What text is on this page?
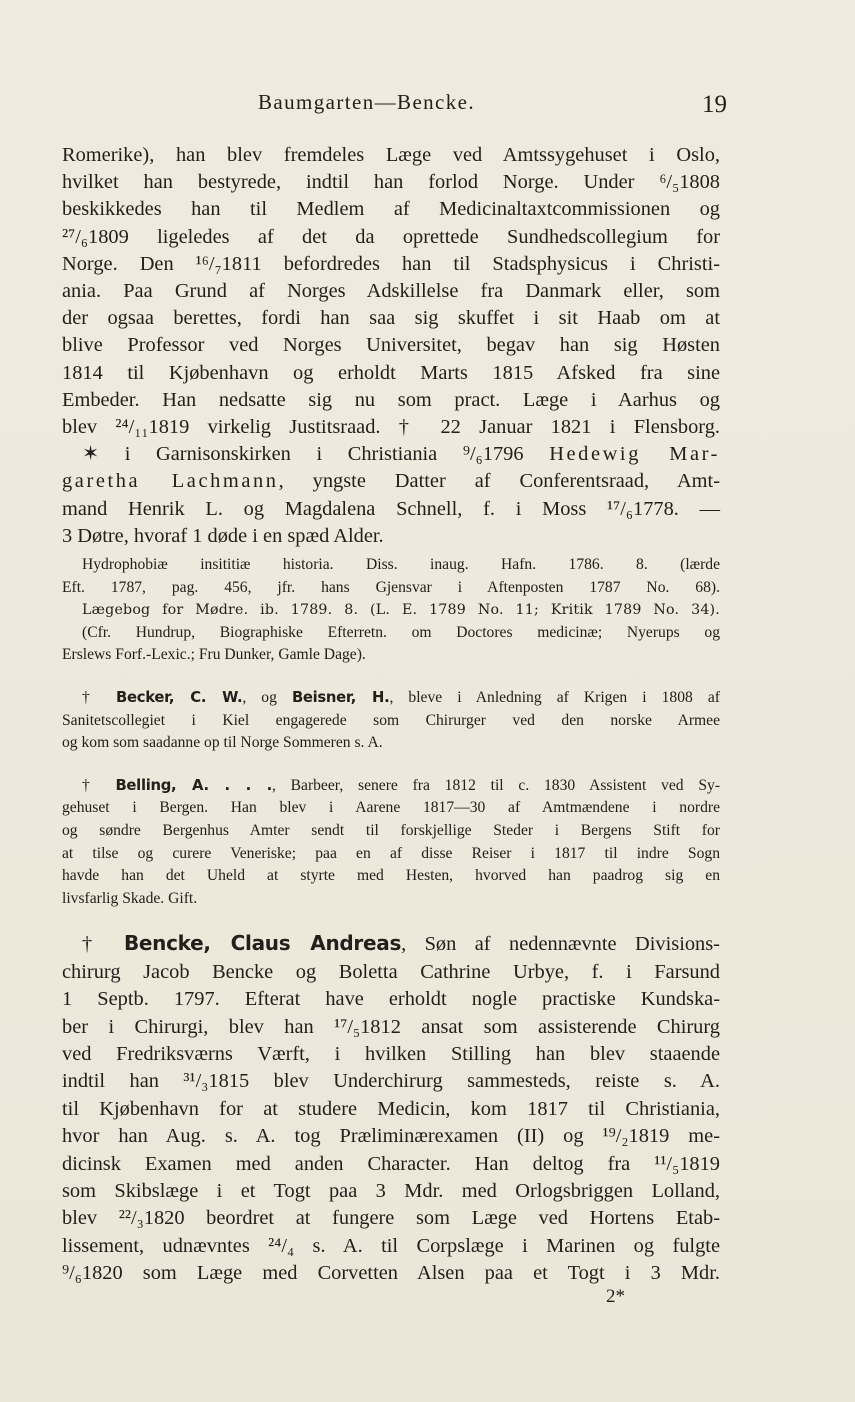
Baumgarten—Bencke.	19

Romerike), han blev fremdeles Læge ved Amtssygehuset i Oslo,
hvilket han bestyrede, indtil han forlod Norge. Under ⁶/₅1808
beskikkedes han til Medlem af Medicinaltaxtcommissionen og
²⁷/₆1809 ligeledes af det da oprettede Sundhedscollegium for
Norge. Den ¹⁶/₇1811 befordredes han til Stadsphysicus i Christi-
ania. Paa Grund af Norges Adskillelse fra Danmark eller, som
der ogsaa berettes, fordi han saa sig skuffet i sit Haab om at
blive Professor ved Norges Universitet, begav han sig Høsten
1814 til Kjøbenhavn og erholdt Marts 1815 Afsked fra sine
Embeder. Han nedsatte sig nu som pract. Læge i Aarhus og
blev ²⁴/₁₁1819 virkelig Justitsraad. † 22 Januar 1821 i Flensborg.

✶ i Garnisonskirken i Christiania ⁹/₆1796 Hedewig Mar-
garetha Lachmann, yngste Datter af Conferentsraad, Amt-
mand Henrik L. og Magdalena Schnell, f. i Moss ¹⁷/₆1778. —
3 Døtre, hvoraf 1 døde i en spæd Alder.

Hydrophobiæ insititiæ historia. Diss. inaug. Hafn. 1786. 8. (lærde
Eft. 1787, pag. 456, jfr. hans Gjensvar i Aftenposten 1787 No. 68).
Lægebog for Mødre. ib. 1789. 8. (L. E. 1789 No. 11; Kritik 1789 No. 34).
(Cfr. Hundrup, Biographiske Efterretn. om Doctores medicinæ; Nyerups og
Erslews Forf.-Lexic.; Fru Dunker, Gamle Dage).

† Becker, C. W., og Beisner, H., bleve i Anledning af Krigen i 1808 af
Sanitetscollegiet i Kiel engagerede som Chirurger ved den norske Armee
og kom som saadanne op til Norge Sommeren s. A.

† Belling, A. . . ., Barbeer, senere fra 1812 til c. 1830 Assistent ved Sy-
gehuset i Bergen. Han blev i Aarene 1817—30 af Amtmændene i nordre
og søndre Bergenhus Amter sendt til forskjellige Steder i Bergens Stift for
at tilse og curere Veneriske; paa en af disse Reiser i 1817 til indre Sogn
havde han det Uheld at styrte med Hesten, hvorved han paadrog sig en
livsfarlig Skade. Gift.

† Bencke, Claus Andreas, Søn af nedennævnte Divisions-
chirurg Jacob Bencke og Boletta Cathrine Urbye, f. i Farsund
1 Septb. 1797. Efterat have erholdt nogle practiske Kundska-
ber i Chirurgi, blev han ¹⁷/₅1812 ansat som assisterende Chirurg
ved Fredriksværns Værft, i hvilken Stilling han blev staaende
indtil han ³¹/₃1815 blev Underchirurg sammesteds, reiste s. A.
til Kjøbenhavn for at studere Medicin, kom 1817 til Christiania,
hvor han Aug. s. A. tog Præliminærexamen (II) og ¹⁹/₂1819 me-
dicinsk Examen med anden Character. Han deltog fra ¹¹/₅1819
som Skibslæge i et Togt paa 3 Mdr. med Orlogsbriggen Lolland,
blev ²²/₃1820 beordret at fungere som Læge ved Hortens Etab-
lissement, udnævntes ²⁴/₄ s. A. til Corpslæge i Marinen og fulgte
⁹/₆1820 som Læge med Corvetten Alsen paa et Togt i 3 Mdr.

2*
